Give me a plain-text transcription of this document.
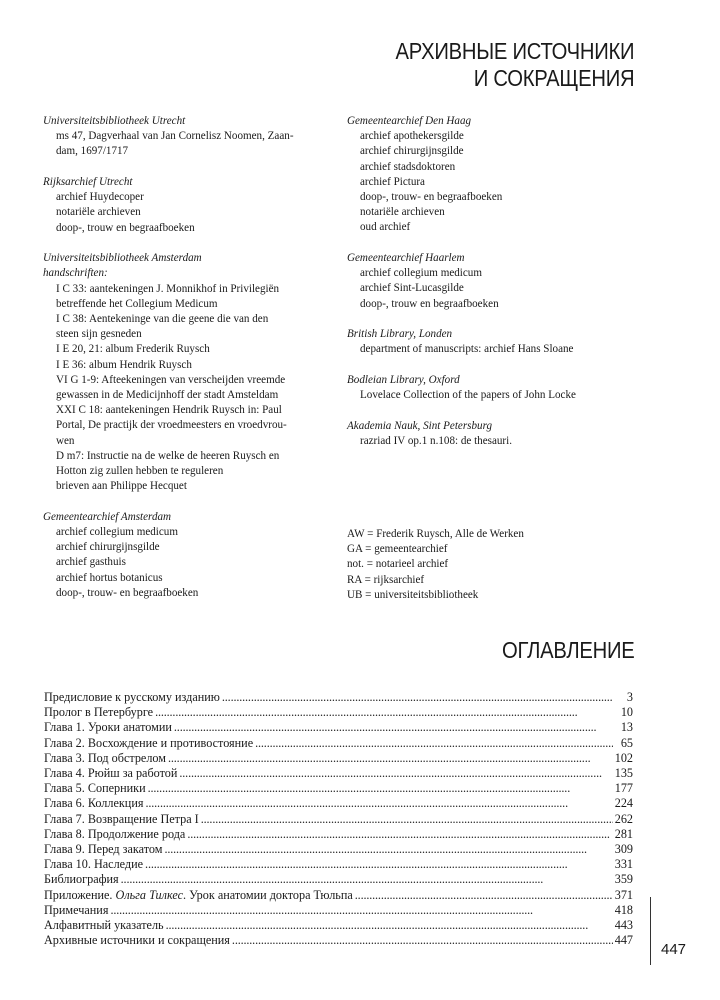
АРХИВНЫЕ ИСТОЧНИКИ
И СОКРАЩЕНИЯ
Universiteitsbibliotheek Utrecht
ms 47, Dagverhaal van Jan Cornelisz Noomen, Zaan-
dam, 1697/1717
Rijksarchief Utrecht
archief Huydecoper
notariële archieven
doop-, trouw en begraafboeken
Universiteitsbibliotheek Amsterdam
handschriften:
I C 33: aantekeningen J. Monnikhof in Privilegiën
betreffende het Collegium Medicum
I C 38: Aentekeninge van die geene die van den
steen sijn gesneden
I E 20, 21: album Frederik Ruysch
I E 36: album Hendrik Ruysch
VI G 1-9: Afteekeningen van verscheijden vreemde
gewassen in de Medicijnhoff der stadt Amsteldam
XXI C 18: aantekeningen Hendrik Ruysch in: Paul
Portal, De practijk der vroedmeesters en vroedvrou-
wen
D m7: Instructie na de welke de heeren Ruysch en
Hotton zig zullen hebben te reguleren
brieven aan Philippe Hecquet
Gemeentearchief Amsterdam
archief collegium medicum
archief chirurgijnsgilde
archief gasthuis
archief hortus botanicus
doop-, trouw- en begraafboeken
Gemeentearchief Den Haag
archief apothekersgilde
archief chirurgijnsgilde
archief stadsdoktoren
archief Pictura
doop-, trouw- en begraafboeken
notariële archieven
oud archief
Gemeentearchief Haarlem
archief collegium medicum
archief Sint-Lucasgilde
doop-, trouw en begraafboeken
British Library, Londen
department of manuscripts: archief Hans Sloane
Bodleian Library, Oxford
Lovelace Collection of the papers of John Locke
Akademia Nauk, Sint Petersburg
razriad IV op.1 n.108: de thesauri.
AW = Frederik Ruysch, Alle de Werken
GA = gemeentearchief
not. = notarieel archief
RA = rijksarchief
UB = universiteitsbibliotheek
ОГЛАВЛЕНИЕ
Предисловие к русскому изданию . . .	3
Пролог в Петербурге . . .	10
Глава 1. Уроки анатомии . . .	13
Глава 2. Восхождение и противостояние . . .	65
Глава 3. Под обстрелом . . .	102
Глава 4. Рюйш за работой . . .	135
Глава 5. Соперники . . .	177
Глава 6. Коллекция . . .	224
Глава 7. Возвращение Петра I . . .	262
Глава 8. Продолжение рода . . .	281
Глава 9. Перед закатом . . .	309
Глава 10. Наследие . . .	331
Библиография . . .	359
Приложение. Ольга Тилкес. Урок анатомии доктора Тюльпа . . .	371
Примечания . . .	418
Алфавитный указатель . . .	443
Архивные источники и сокращения . . .	447
447
